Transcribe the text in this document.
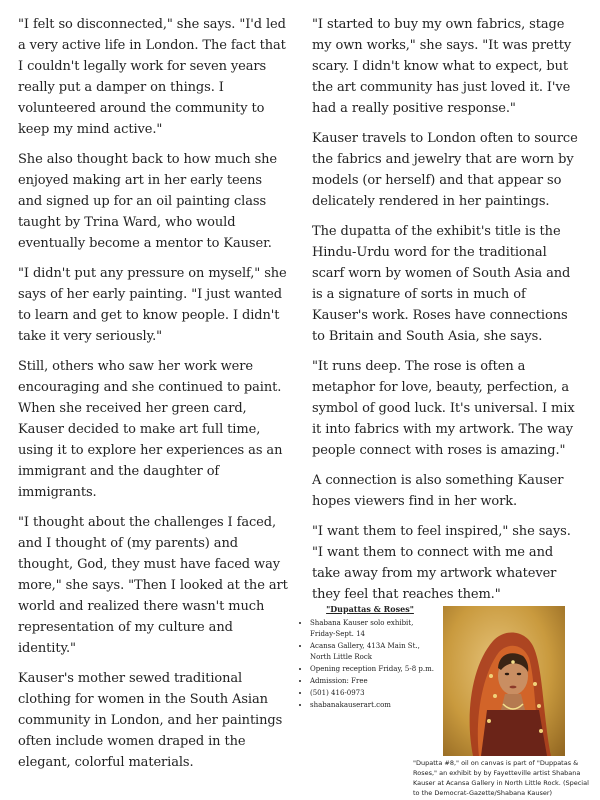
"I felt so disconnected," she says. "I'd led a very active life in London. The fact that I couldn't legally work for seven years really put a damper on things. I volunteered around the community to keep my mind active."

She also thought back to how much she enjoyed making art in her early teens and signed up for an oil painting class taught by Trina Ward, who would eventually become a mentor to Kauser.

"I didn't put any pressure on myself," she says of her early painting. "I just wanted to learn and get to know people. I didn't take it very seriously."

Still, others who saw her work were encouraging and she continued to paint. When she received her green card, Kauser decided to make art full time, using it to explore her experiences as an immigrant and the daughter of immigrants.

"I thought about the challenges I faced, and I thought of (my parents) and thought, God, they must have faced way more," she says. "Then I looked at the art world and realized there wasn't much representation of my culture and identity."

Kauser's mother sewed traditional clothing for women in the South Asian community in London, and her paintings often include women draped in the elegant, colorful materials.

"I started to buy my own fabrics, stage my own works," she says. "It was pretty scary. I didn't know what to expect, but the art community has just loved it. I've had a really positive response."

Kauser travels to London often to source the fabrics and jewelry that are worn by models (or herself) and that appear so delicately rendered in her paintings.

The dupatta of the exhibit's title is the Hindu-Urdu word for the traditional scarf worn by women of South Asia and is a signature of sorts in much of Kauser's work. Roses have connections to Britain and South Asia, she says.

"It runs deep. The rose is often a metaphor for love, beauty, perfection, a symbol of good luck. It's universal. I mix it into fabrics with my artwork. The way people connect with roses is amazing."

A connection is also something Kauser hopes viewers find in her work.

"I want them to feel inspired," she says. "I want them to connect with me and take away from my artwork whatever they feel that reaches them."

"Dupattas & Roses"

• Shabana Kauser solo exhibit, Friday-Sept. 14
• Acansa Gallery, 413A Main St., North Little Rock
• Opening reception Friday, 5-8 p.m.
• Admission: Free
• (501) 416-0973
• shabanakauserart.com
"Dupatta #8," oil on canvas is part of "Duppatas & Roses," an exhibit by by Fayetteville artist Shabana Kauser at Acansa Gallery in North Little Rock. (Special to the Democrat-Gazette/Shabana Kauser)
